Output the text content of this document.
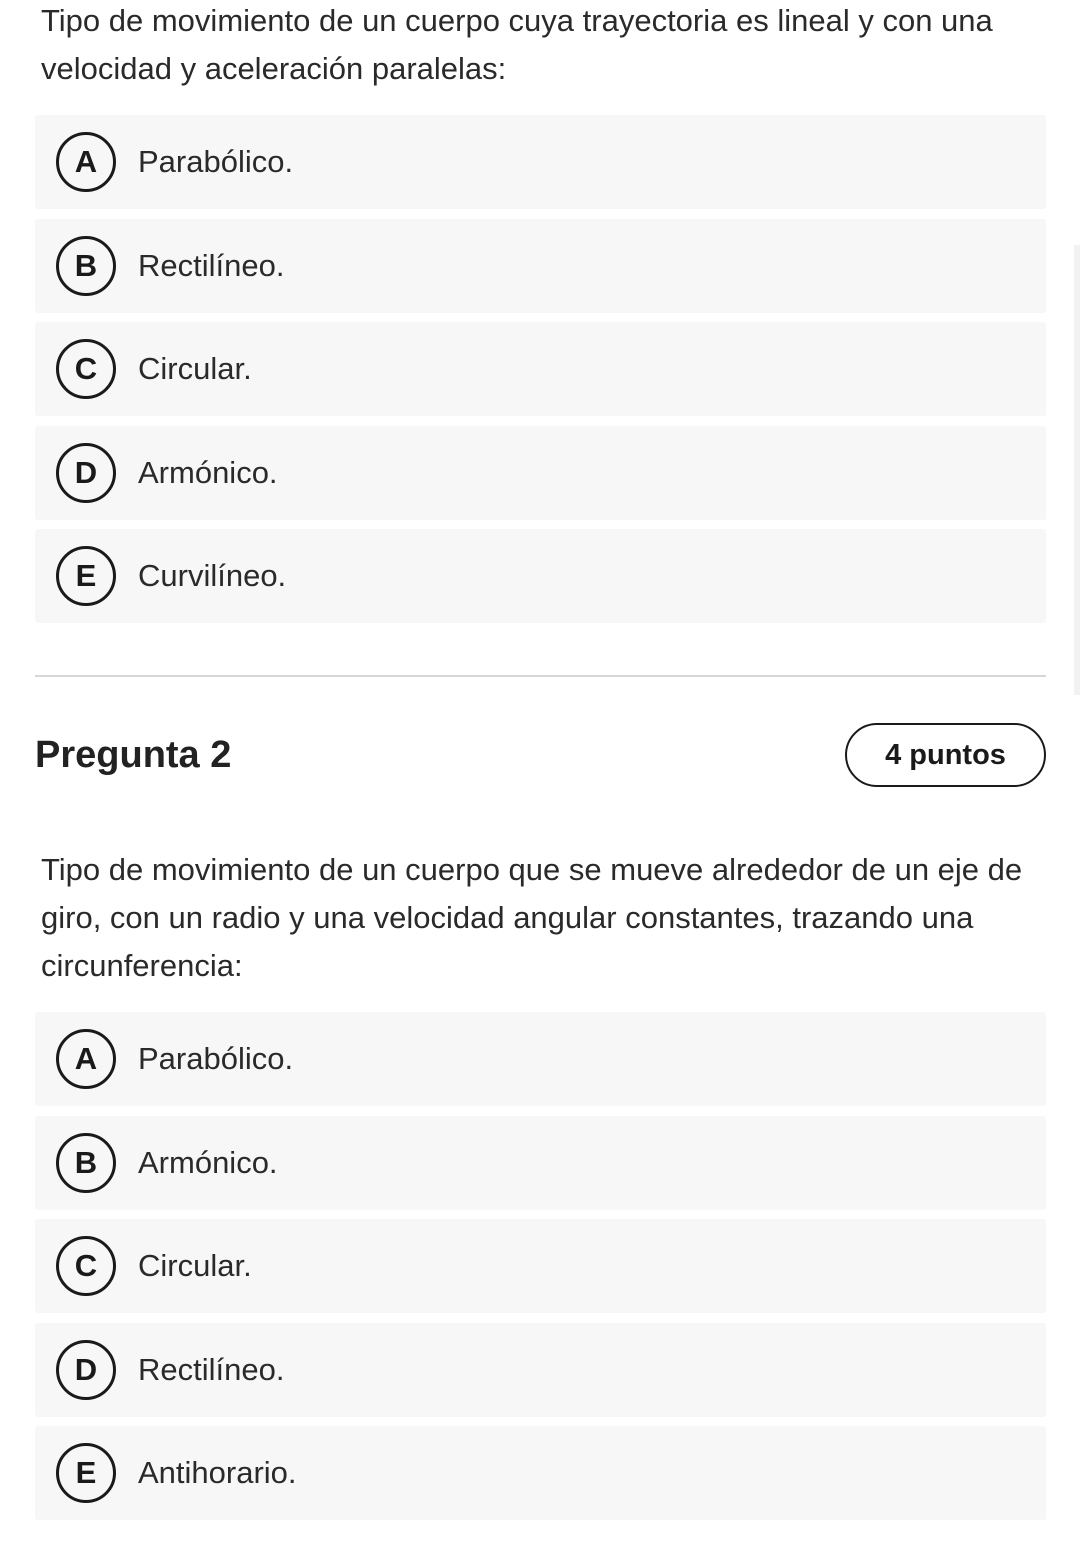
Tipo de movimiento de un cuerpo cuya trayectoria es lineal y con una velocidad y aceleración paralelas:

A	Parabólico.
B	Rectilíneo.
C	Circular.
D	Armónico.
E	Curvilíneo.
Pregunta 2	4 puntos

Tipo de movimiento de un cuerpo que se mueve alrededor de un eje de giro, con un radio y una velocidad angular constantes, trazando una circunferencia:

A	Parabólico.
B	Armónico.
C	Circular.
D	Rectilíneo.
E	Antihorario.
